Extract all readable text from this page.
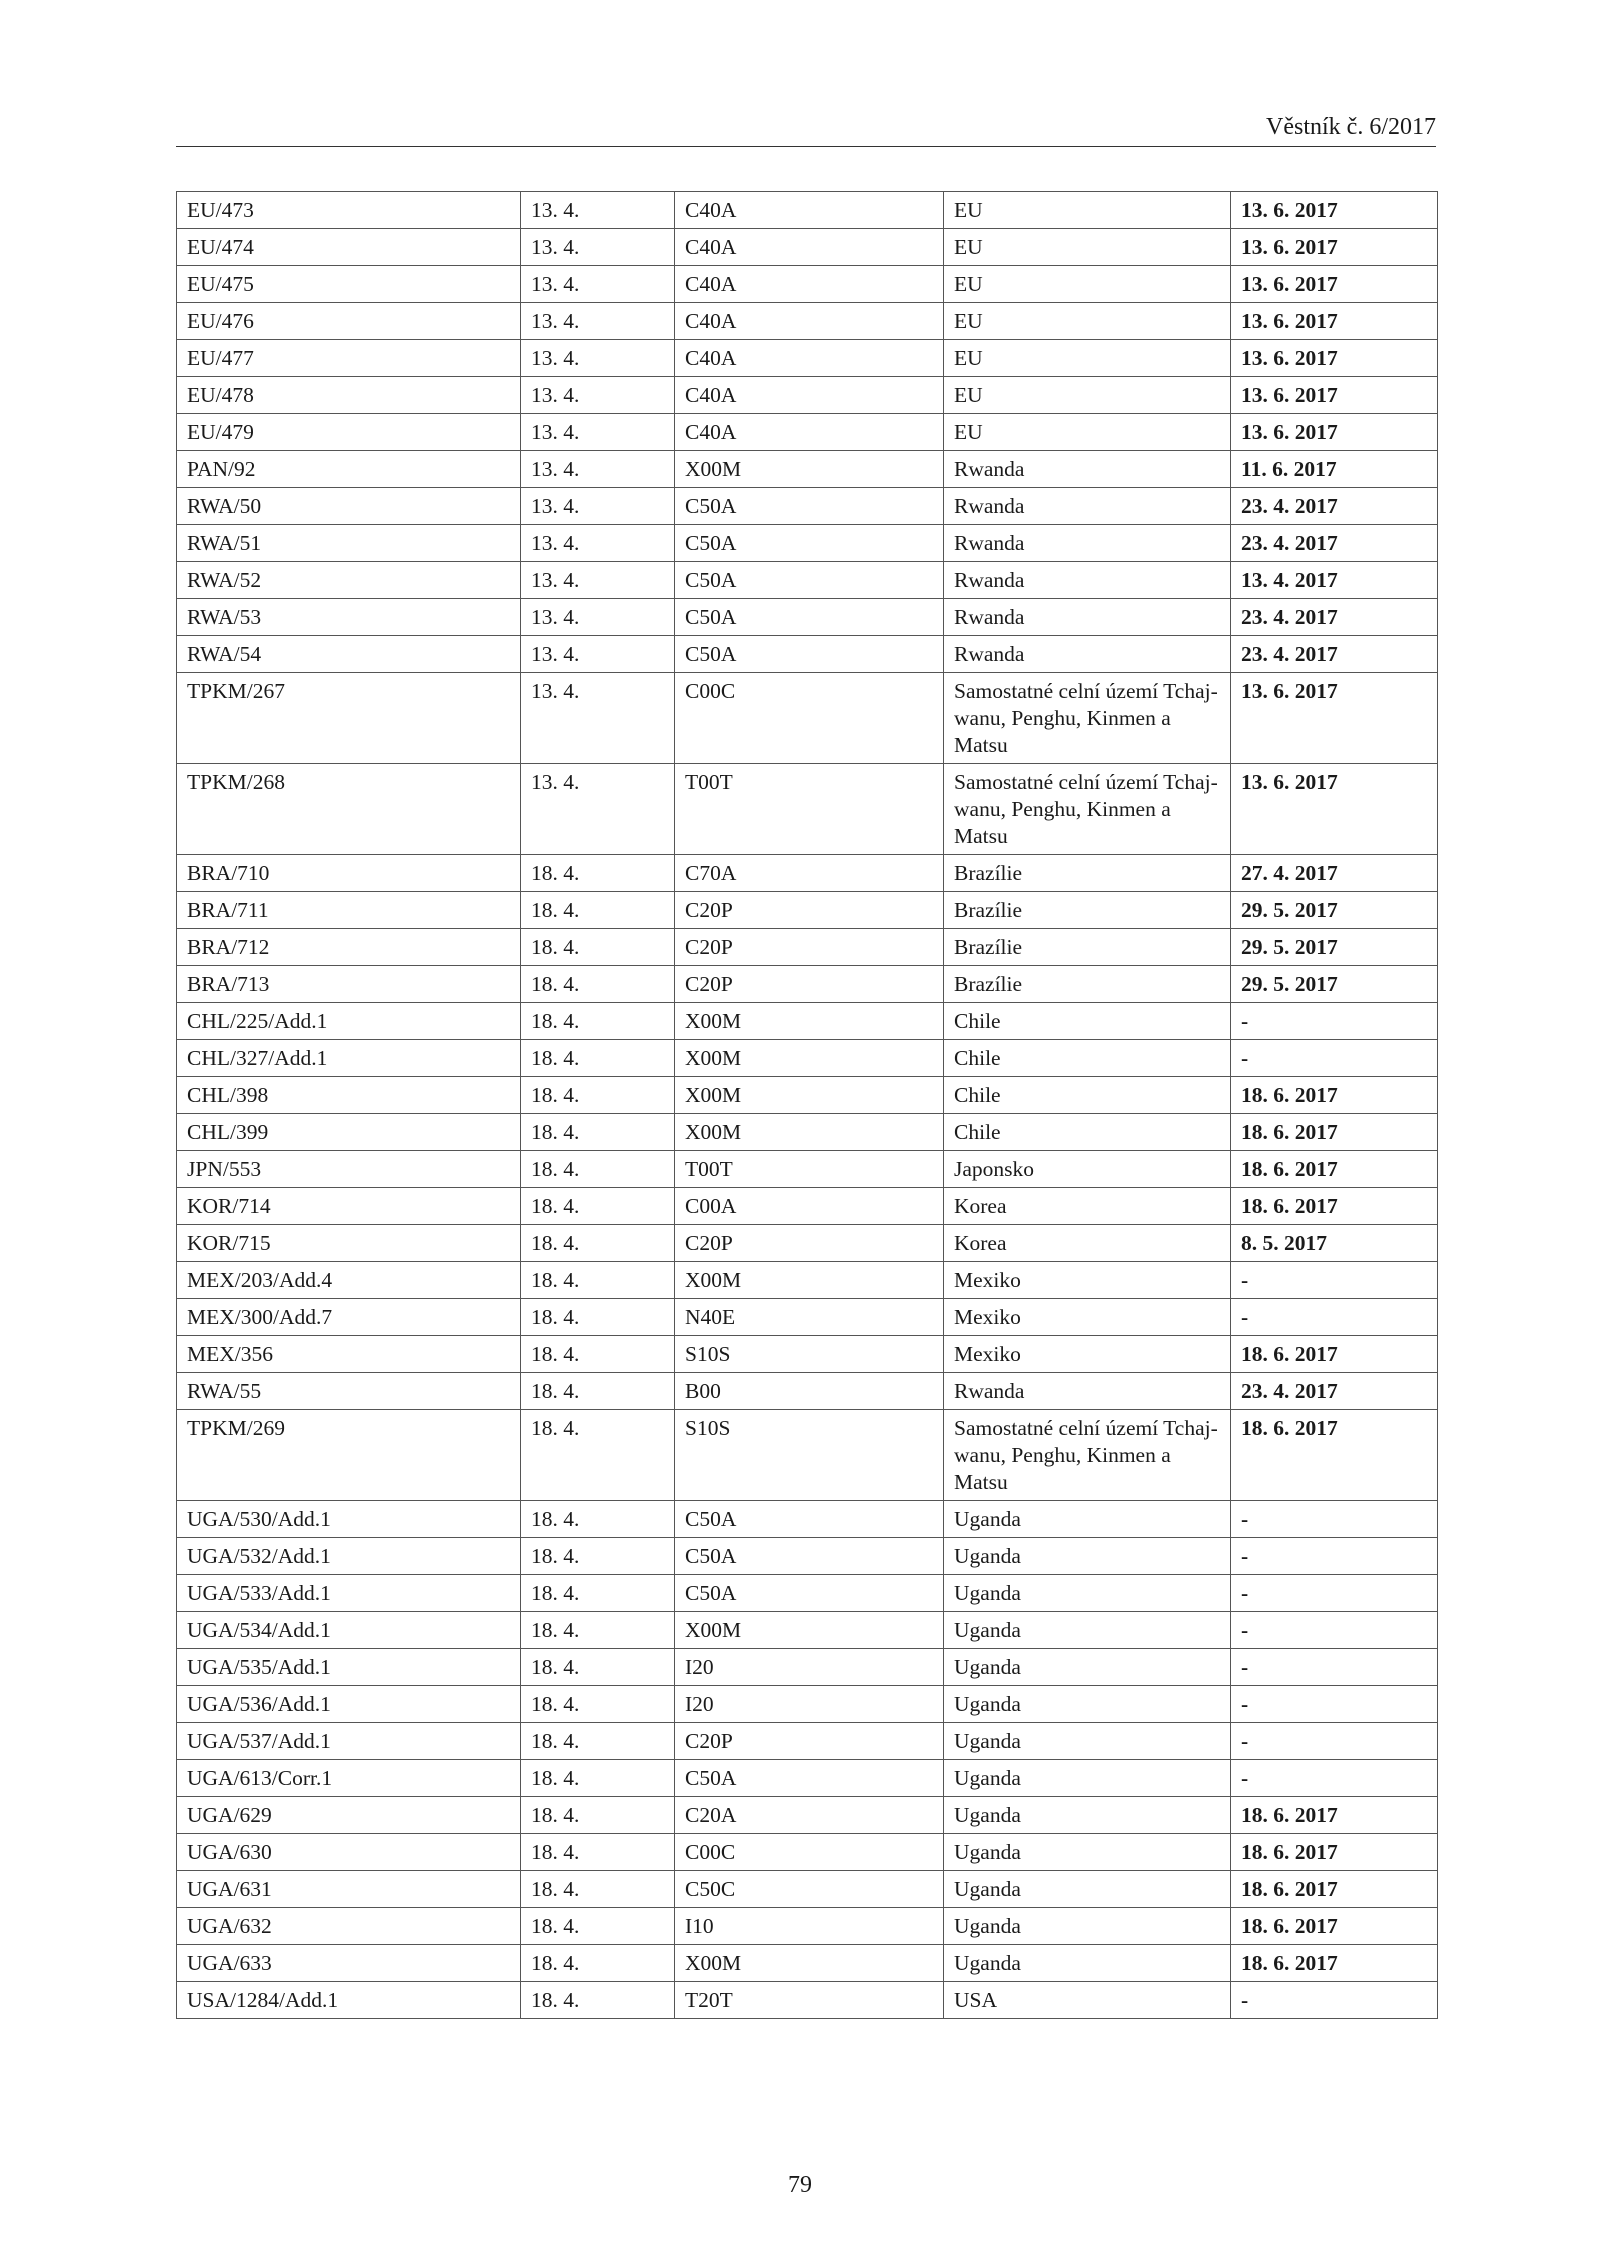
Věstník č. 6/2017
EU/473	13. 4.	C40A	EU	13. 6. 2017
EU/474	13. 4.	C40A	EU	13. 6. 2017
EU/475	13. 4.	C40A	EU	13. 6. 2017
EU/476	13. 4.	C40A	EU	13. 6. 2017
EU/477	13. 4.	C40A	EU	13. 6. 2017
EU/478	13. 4.	C40A	EU	13. 6. 2017
EU/479	13. 4.	C40A	EU	13. 6. 2017
PAN/92	13. 4.	X00M	Rwanda	11. 6. 2017
RWA/50	13. 4.	C50A	Rwanda	23. 4. 2017
RWA/51	13. 4.	C50A	Rwanda	23. 4. 2017
RWA/52	13. 4.	C50A	Rwanda	13. 4. 2017
RWA/53	13. 4.	C50A	Rwanda	23. 4. 2017
RWA/54	13. 4.	C50A	Rwanda	23. 4. 2017
TPKM/267	13. 4.	C00C	Samostatné celní území Tchaj-wanu, Penghu, Kinmen a Matsu	13. 6. 2017
TPKM/268	13. 4.	T00T	Samostatné celní území Tchaj-wanu, Penghu, Kinmen a Matsu	13. 6. 2017
BRA/710	18. 4.	C70A	Brazílie	27. 4. 2017
BRA/711	18. 4.	C20P	Brazílie	29. 5. 2017
BRA/712	18. 4.	C20P	Brazílie	29. 5. 2017
BRA/713	18. 4.	C20P	Brazílie	29. 5. 2017
CHL/225/Add.1	18. 4.	X00M	Chile	-
CHL/327/Add.1	18. 4.	X00M	Chile	-
CHL/398	18. 4.	X00M	Chile	18. 6. 2017
CHL/399	18. 4.	X00M	Chile	18. 6. 2017
JPN/553	18. 4.	T00T	Japonsko	18. 6. 2017
KOR/714	18. 4.	C00A	Korea	18. 6. 2017
KOR/715	18. 4.	C20P	Korea	8. 5. 2017
MEX/203/Add.4	18. 4.	X00M	Mexiko	-
MEX/300/Add.7	18. 4.	N40E	Mexiko	-
MEX/356	18. 4.	S10S	Mexiko	18. 6. 2017
RWA/55	18. 4.	B00	Rwanda	23. 4. 2017
TPKM/269	18. 4.	S10S	Samostatné celní území Tchaj-wanu, Penghu, Kinmen a Matsu	18. 6. 2017
UGA/530/Add.1	18. 4.	C50A	Uganda	-
UGA/532/Add.1	18. 4.	C50A	Uganda	-
UGA/533/Add.1	18. 4.	C50A	Uganda	-
UGA/534/Add.1	18. 4.	X00M	Uganda	-
UGA/535/Add.1	18. 4.	I20	Uganda	-
UGA/536/Add.1	18. 4.	I20	Uganda	-
UGA/537/Add.1	18. 4.	C20P	Uganda	-
UGA/613/Corr.1	18. 4.	C50A	Uganda	-
UGA/629	18. 4.	C20A	Uganda	18. 6. 2017
UGA/630	18. 4.	C00C	Uganda	18. 6. 2017
UGA/631	18. 4.	C50C	Uganda	18. 6. 2017
UGA/632	18. 4.	I10	Uganda	18. 6. 2017
UGA/633	18. 4.	X00M	Uganda	18. 6. 2017
USA/1284/Add.1	18. 4.	T20T	USA	-
79
